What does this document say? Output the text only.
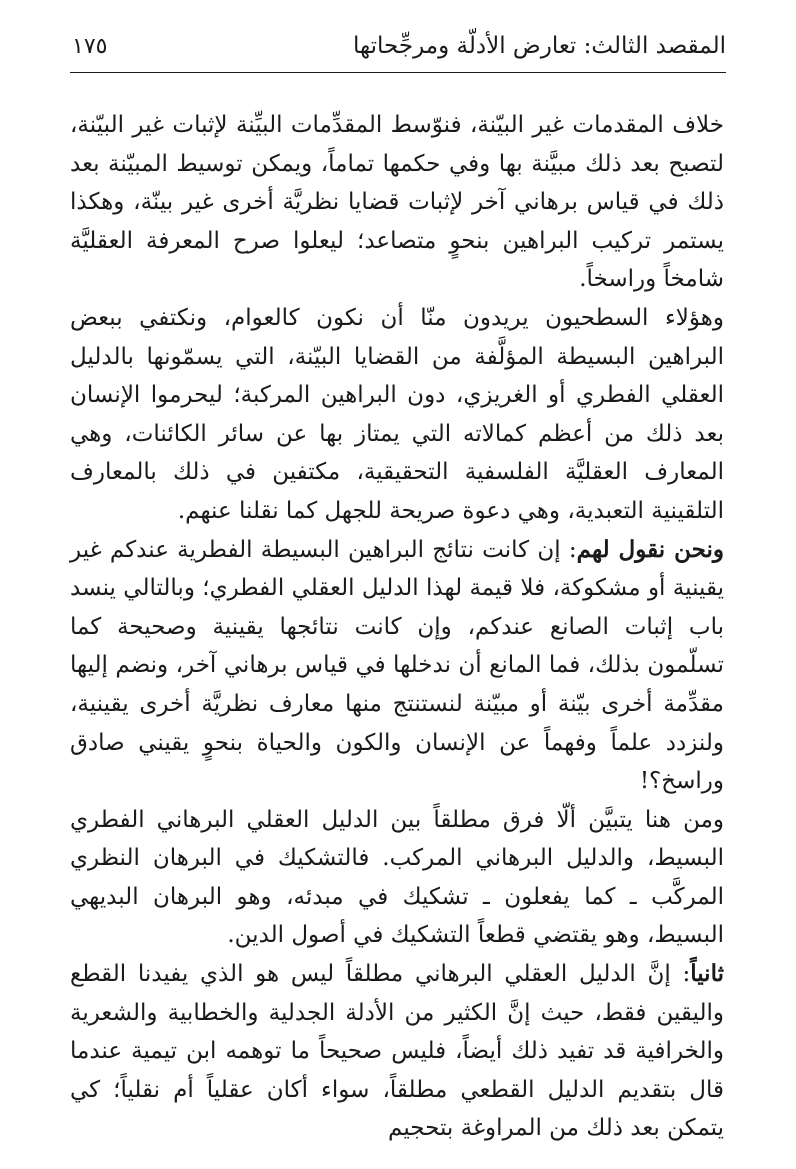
المقصد الثالث: تعارض الأدلّة ومرجِّحاتها
١٧٥

خلاف المقدمات غير البيّنة، فنوّسط المقدِّمات البيِّنة لإثبات غير البيّنة، لتصبح بعد ذلك مبيَّنة بها وفي حكمها تماماً، ويمكن توسيط المبيّنة بعد ذلك في قياس برهاني آخر لإثبات قضايا نظريَّة أخرى غير بينّة، وهكذا يستمر تركيب البراهين بنحوٍ متصاعد؛ ليعلوا صرح المعرفة العقليَّة شامخاً وراسخاً.

وهؤلاء السطحيون يريدون منّا أن نكون كالعوام، ونكتفي ببعض البراهين البسيطة المؤلَّفة من القضايا البيّنة، التي يسمّونها بالدليل العقلي الفطري أو الغريزي، دون البراهين المركبة؛ ليحرموا الإنسان بعد ذلك من أعظم كمالاته التي يمتاز بها عن سائر الكائنات، وهي المعارف العقليَّة الفلسفية التحقيقية، مكتفين في ذلك بالمعارف التلقينية التعبدية، وهي دعوة صريحة للجهل كما نقلنا عنهم.

ونحن نقول لهم: إن كانت نتائج البراهين البسيطة الفطرية عندكم غير يقينية أو مشكوكة، فلا قيمة لهذا الدليل العقلي الفطري؛ وبالتالي ينسد باب إثبات الصانع عندكم، وإن كانت نتائجها يقينية وصحيحة كما تسلّمون بذلك، فما المانع أن ندخلها في قياس برهاني آخر، ونضم إليها مقدِّمة أخرى بيّنة أو مبيّنة لنستنتج منها معارف نظريَّة أخرى يقينية، ولنزدد علماً وفهماً عن الإنسان والكون والحياة بنحوٍ يقيني صادق وراسخ؟!

ومن هنا يتبيَّن ألّا فرق مطلقاً بين الدليل العقلي البرهاني الفطري البسيط، والدليل البرهاني المركب. فالتشكيك في البرهان النظري المركَّب ـ كما يفعلون ـ تشكيك في مبدئه، وهو البرهان البديهي البسيط، وهو يقتضي قطعاً التشكيك في أصول الدين.

ثانياً: إنَّ الدليل العقلي البرهاني مطلقاً ليس هو الذي يفيدنا القطع واليقين فقط، حيث إنَّ الكثير من الأدلة الجدلية والخطابية والشعرية والخرافية قد تفيد ذلك أيضاً، فليس صحيحاً ما توهمه ابن تيمية عندما قال بتقديم الدليل القطعي مطلقاً، سواء أكان عقلياً أم نقلياً؛ كي يتمكن بعد ذلك من المراوغة بتحجيم
